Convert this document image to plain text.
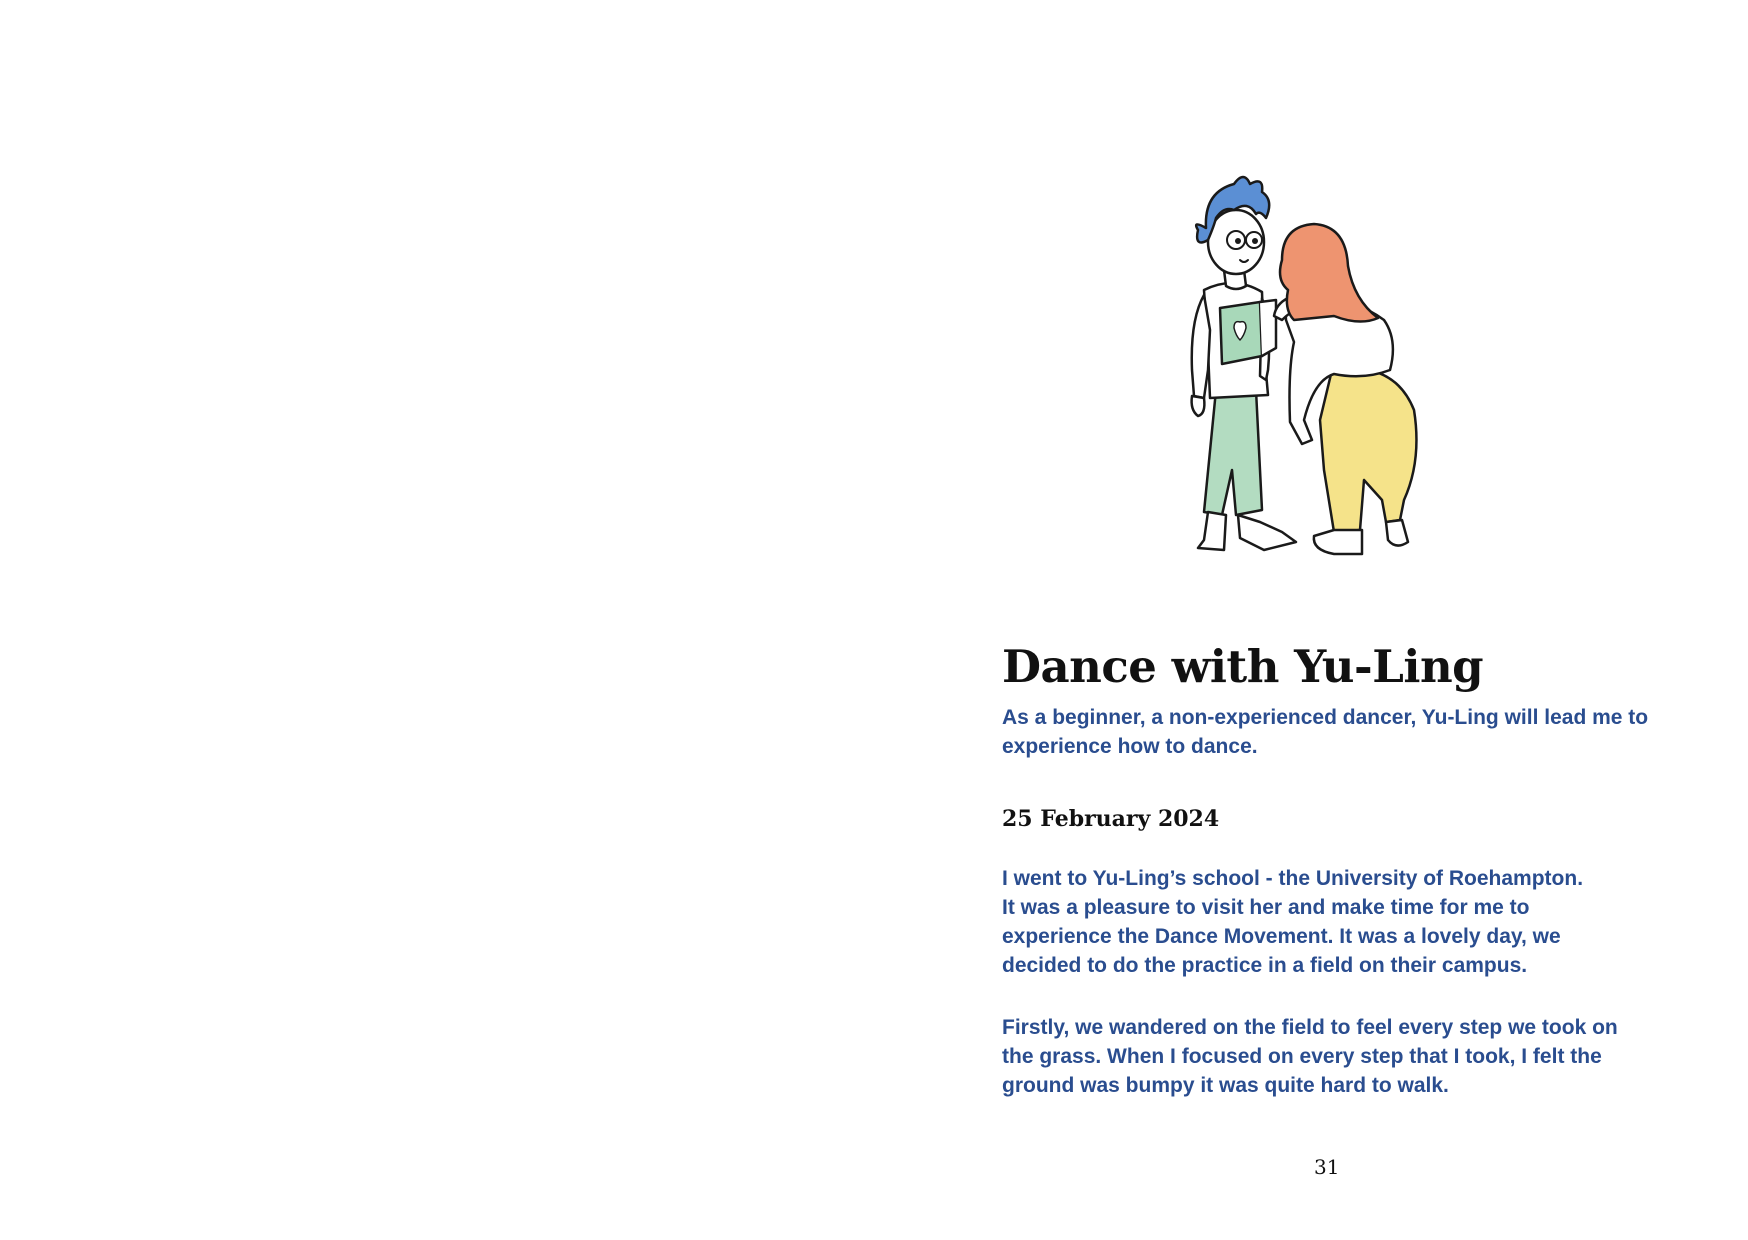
Dance with Yu-Ling

As a beginner, a non-experienced dancer, Yu-Ling will lead me to experience how to dance.

25 February 2024

I went to Yu-Ling’s school - the University of Roehampton.
It was a pleasure to visit her and make time for me to
experience the Dance Movement. It was a lovely day, we
decided to do the practice in a field on their campus.

Firstly, we wandered on the field to feel every step we took on
the grass. When I focused on every step that I took, I felt the
ground was bumpy it was quite hard to walk.

31
